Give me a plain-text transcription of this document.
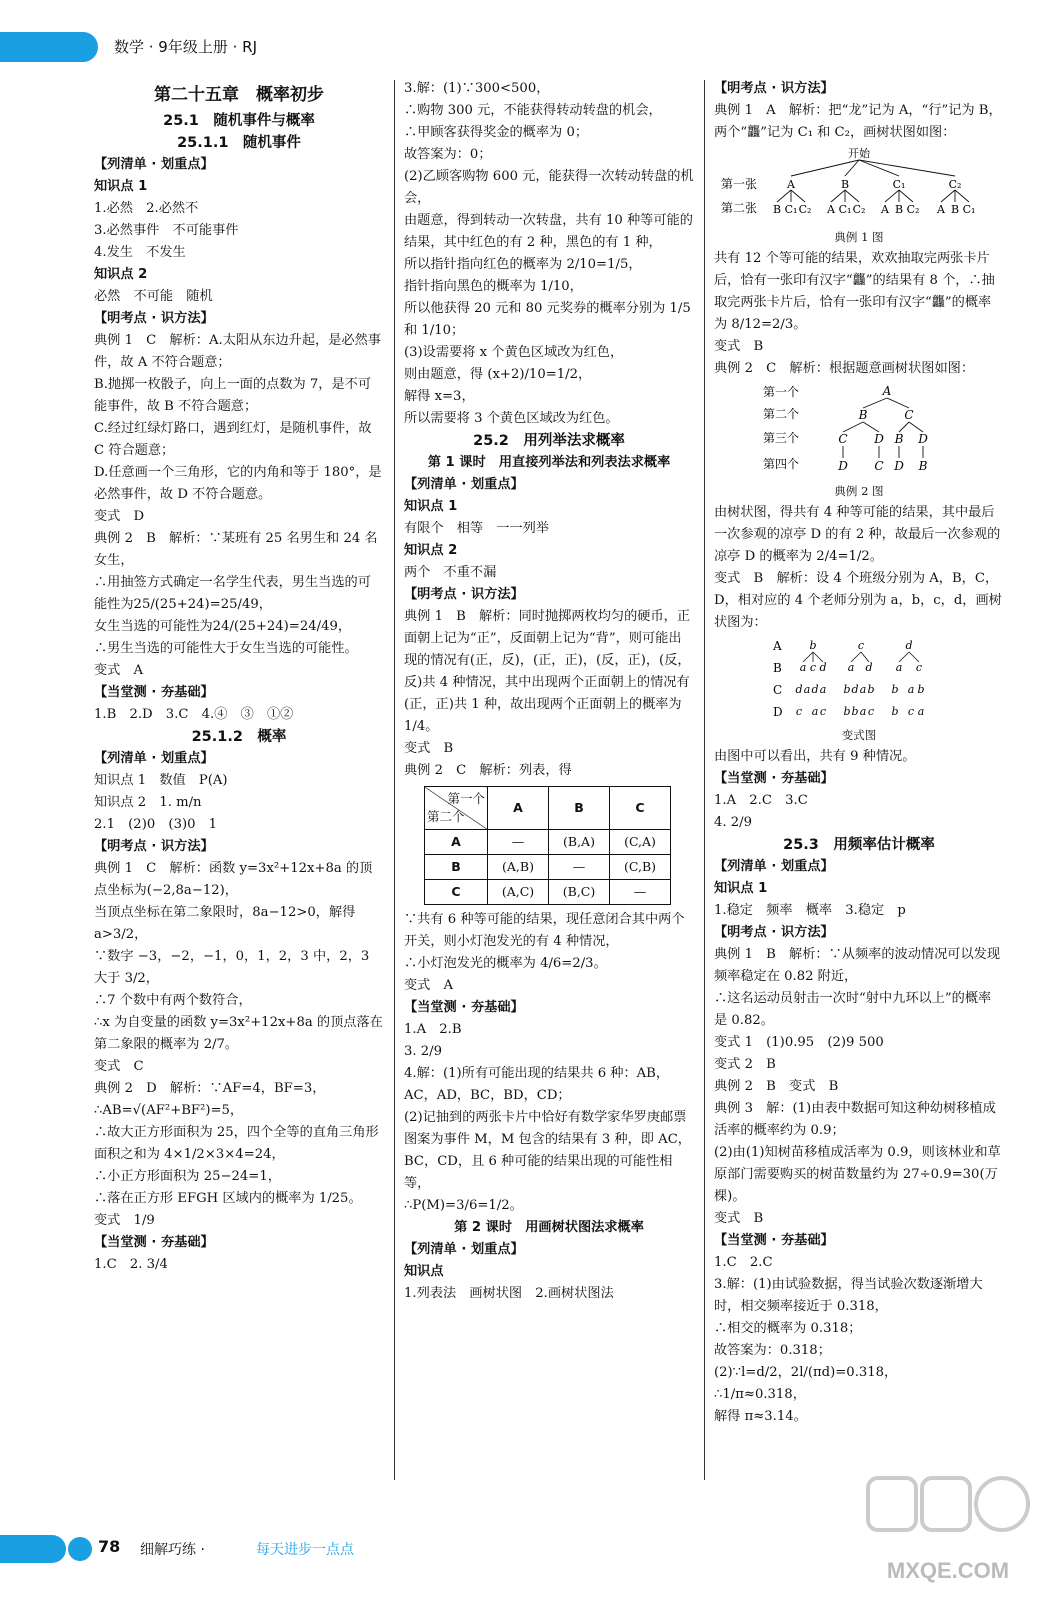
数学 · 9年级上册 · RJ
第二十五章　概率初步
25.1　随机事件与概率
25.1.1　随机事件
【列清单 · 划重点】
知识点 1
1.必然　2.必然不
3.必然事件　不可能事件
4.发生　不发生
知识点 2
必然　不可能　随机
【明考点 · 识方法】
典例 1　C　解析：A.太阳从东边升起，是必然事件，故 A 不符合题意；
B.抛掷一枚骰子，向上一面的点数为 7，是不可能事件，故 B 不符合题意；
C.经过红绿灯路口，遇到红灯，是随机事件，故 C 符合题意；
D.任意画一个三角形，它的内角和等于 180°，是必然事件，故 D 不符合题意。
变式　D
典例 2　B　解析：∵某班有 25 名男生和 24 名女生，
∴用抽签方式确定一名学生代表，男生当选的可能性为25/(25+24)=25/49，
女生当选的可能性为24/(25+24)=24/49，
∴男生当选的可能性大于女生当选的可能性。
变式　A
【当堂测 · 夯基础】
1.B　2.D　3.C　4.④　③　①②
25.1.2　概率
【列清单 · 划重点】
知识点 1　数值　P(A)
知识点 2　1. m/n
2.1　(2)0　(3)0　1
【明考点 · 识方法】
典例 1　C　解析：函数 y=3x²+12x+8a 的顶点坐标为(−2,8a−12)，
当顶点坐标在第二象限时，8a−12>0，解得 a>3/2，
∵数字 −3，−2，−1，0，1，2，3 中，2，3 大于 3/2，
∴7 个数中有两个数符合，
∴x 为自变量的函数 y=3x²+12x+8a 的顶点落在第二象限的概率为 2/7。
变式　C
典例 2　D　解析：∵AF=4，BF=3，
∴AB=√(AF²+BF²)=5，
∴故大正方形面积为 25，四个全等的直角三角形面积之和为 4×1/2×3×4=24，
∴小正方形面积为 25−24=1，
∴落在正方形 EFGH 区域内的概率为 1/25。
变式　1/9
【当堂测 · 夯基础】
1.C　2. 3/4
3.解：(1)∵300<500，
∴购物 300 元，不能获得转动转盘的机会，
∴甲顾客获得奖金的概率为 0；
故答案为：0；
(2)乙顾客购物 600 元，能获得一次转动转盘的机会，
由题意，得到转动一次转盘，共有 10 种等可能的结果，其中红色的有 2 种，黑色的有 1 种，
所以指针指向红色的概率为 2/10=1/5，
指针指向黑色的概率为 1/10，
所以他获得 20 元和 80 元奖券的概率分别为 1/5 和 1/10；
(3)设需要将 x 个黄色区域改为红色，
则由题意，得 (x+2)/10=1/2，
解得 x=3，
所以需要将 3 个黄色区域改为红色。
25.2　用列举法求概率
第 1 课时　用直接列举法和列表法求概率
【列清单 · 划重点】
知识点 1
有限个　相等　一一列举
知识点 2
两个　不重不漏
【明考点 · 识方法】
典例 1　B　解析：同时抛掷两枚均匀的硬币，正面朝上记为“正”，反面朝上记为“背”，则可能出现的情况有(正，反)，(正，正)，(反，正)，(反，反)共 4 种情况，其中出现两个正面朝上的情况有(正，正)共 1 种，故出现两个正面朝上的概率为 1/4。
变式　B
典例 2　C　解析：列表，得
第一个
第二个	A	B	C
A	—	(B,A)	(C,A)
B	(A,B)	—	(C,B)
C	(A,C)	(B,C)	—
∵共有 6 种等可能的结果，现任意闭合其中两个开关，则小灯泡发光的有 4 种情况，
∴小灯泡发光的概率为 4/6=2/3。
变式　A
【当堂测 · 夯基础】
1.A　2.B
3. 2/9
4.解：(1)所有可能出现的结果共 6 种：AB，AC，AD，BC，BD，CD；
(2)记抽到的两张卡片中恰好有数学家华罗庚邮票图案为事件 M，M 包含的结果有 3 种，即 AC，BC，CD，且 6 种可能的结果出现的可能性相等，
∴P(M)=3/6=1/2。
第 2 课时　用画树状图法求概率
【列清单 · 划重点】
知识点
1.列表法　画树状图　2.画树状图法
【明考点 · 识方法】
典例 1　A　解析：把“龙”记为 A，“行”记为 B，两个“龘”记为 C₁ 和 C₂，画树状图如图：
开始
第一张
第二张
A	B	C₁	C₂
B C₁ C₂ A C₁ C₂ A B C₂ A B C₁
典例 1 图
共有 12 个等可能的结果，欢欢抽取完两张卡片后，恰有一张印有汉字“龘”的结果有 8 个，∴抽取完两张卡片后，恰有一张印有汉字“龘”的概率为 8/12=2/3。
变式　B
典例 2　C　解析：根据题意画树状图如图：
第一个
第二个
第三个
第四个
A
B	C
C D B D
D C D B
典例 2 图
由树状图，得共有 4 种等可能的结果，其中最后一次参观的凉亭 D 的有 2 种，故最后一次参观的凉亭 D 的概率为 2/4=1/2。
变式　B　解析：设 4 个班级分别为 A，B，C，D，相对应的 4 个老师分别为 a，b，c，d，画树状图为：
A
B
C
D
b	c	d
a c d a d a c
d a d a b d a b b a b
c a c b b a c b c a
变式图
由图中可以看出，共有 9 种情况。
【当堂测 · 夯基础】
1.A　2.C　3.C
4. 2/9
25.3　用频率估计概率
【列清单 · 划重点】
知识点 1
1.稳定　频率　概率　3.稳定　p
【明考点 · 识方法】
典例 1　B　解析：∵从频率的波动情况可以发现频率稳定在 0.82 附近，
∴这名运动员射击一次时“射中九环以上”的概率是 0.82。
变式 1　(1)0.95　(2)9 500
变式 2　B
典例 2　B　变式　B
典例 3　解：(1)由表中数据可知这种幼树移植成活率的概率约为 0.9；
(2)由(1)知树苗移植成活率为 0.9，则该林业和草原部门需要购买的树苗数量约为 27÷0.9=30(万棵)。
变式　B
【当堂测 · 夯基础】
1.C　2.C
3.解：(1)由试验数据，得当试验次数逐渐增大时，相交频率接近于 0.318，
∴相交的概率为 0.318；
故答案为：0.318；
(2)∵l=d/2，2l/(πd)=0.318，
∴1/π≈0.318，
解得 π≈3.14。
78 细解巧练 ·	每天进步一点点
MXQE.COM
